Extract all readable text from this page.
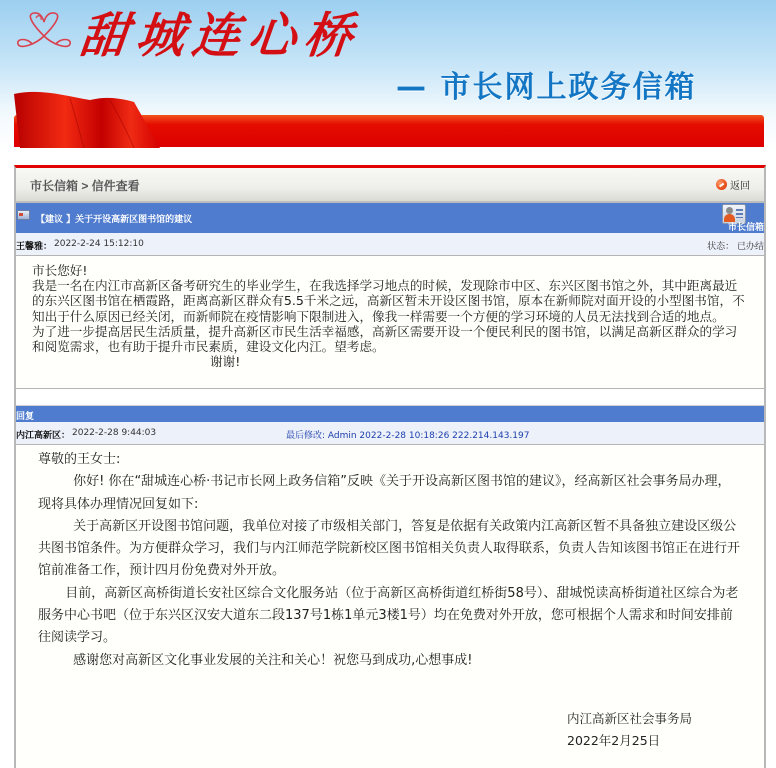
甜城连心桥
— 市长网上政务信箱
市长信箱 > 信件查看	返回
【建议 】关于开设高新区图书馆的建议
市长信箱
王馨雅： 2022-2-24 15:12:10	状态： 已办结

市长您好!

我是一名在内江市高新区备考研究生的毕业学生，在我选择学习地点的时候，发现除市中区、东兴区图书馆之外，其中距离最近的东兴区图书馆在栖霞路，距离高新区群众有5.5千米之远，高新区暂未开设区图书馆，原本在新师院对面开设的小型图书馆，不知出于什么原因已经关闭，而新师院在疫情影响下限制进入，像我一样需要一个方便的学习环境的人员无法找到合适的地点。

为了进一步提高居民生活质量，提升高新区市民生活幸福感，高新区需要开设一个便民利民的图书馆，以满足高新区群众的学习和阅览需求，也有助于提升市民素质，建设文化内江。望考虑。

谢谢!

回复
内江高新区： 2022-2-28 9:44:03	最后修改: Admin 2022-2-28 10:18:26 222.214.143.197

尊敬的王女士:

你好! 你在“甜城连心桥·书记市长网上政务信箱”反映《关于开设高新区图书馆的建议》，经高新区社会事务局办理，现将具体办理情况回复如下:

关于高新区开设图书馆问题，我单位对接了市级相关部门，答复是依据有关政策内江高新区暂不具备独立建设区级公共图书馆条件。为方便群众学习，我们与内江师范学院新校区图书馆相关负责人取得联系，负责人告知该图书馆正在进行开馆前准备工作，预计四月份免费对外开放。

目前，高新区高桥街道长安社区综合文化服务站（位于高新区高桥街道红桥街58号）、甜城悦读高桥街道社区综合为老服务中心书吧（位于东兴区汉安大道东二段137号1栋1单元3楼1号）均在免费对外开放，您可根据个人需求和时间安排前往阅读学习。

感谢您对高新区文化事业发展的关注和关心！祝您马到成功,心想事成!

内江高新区社会事务局
2022年2月25日
